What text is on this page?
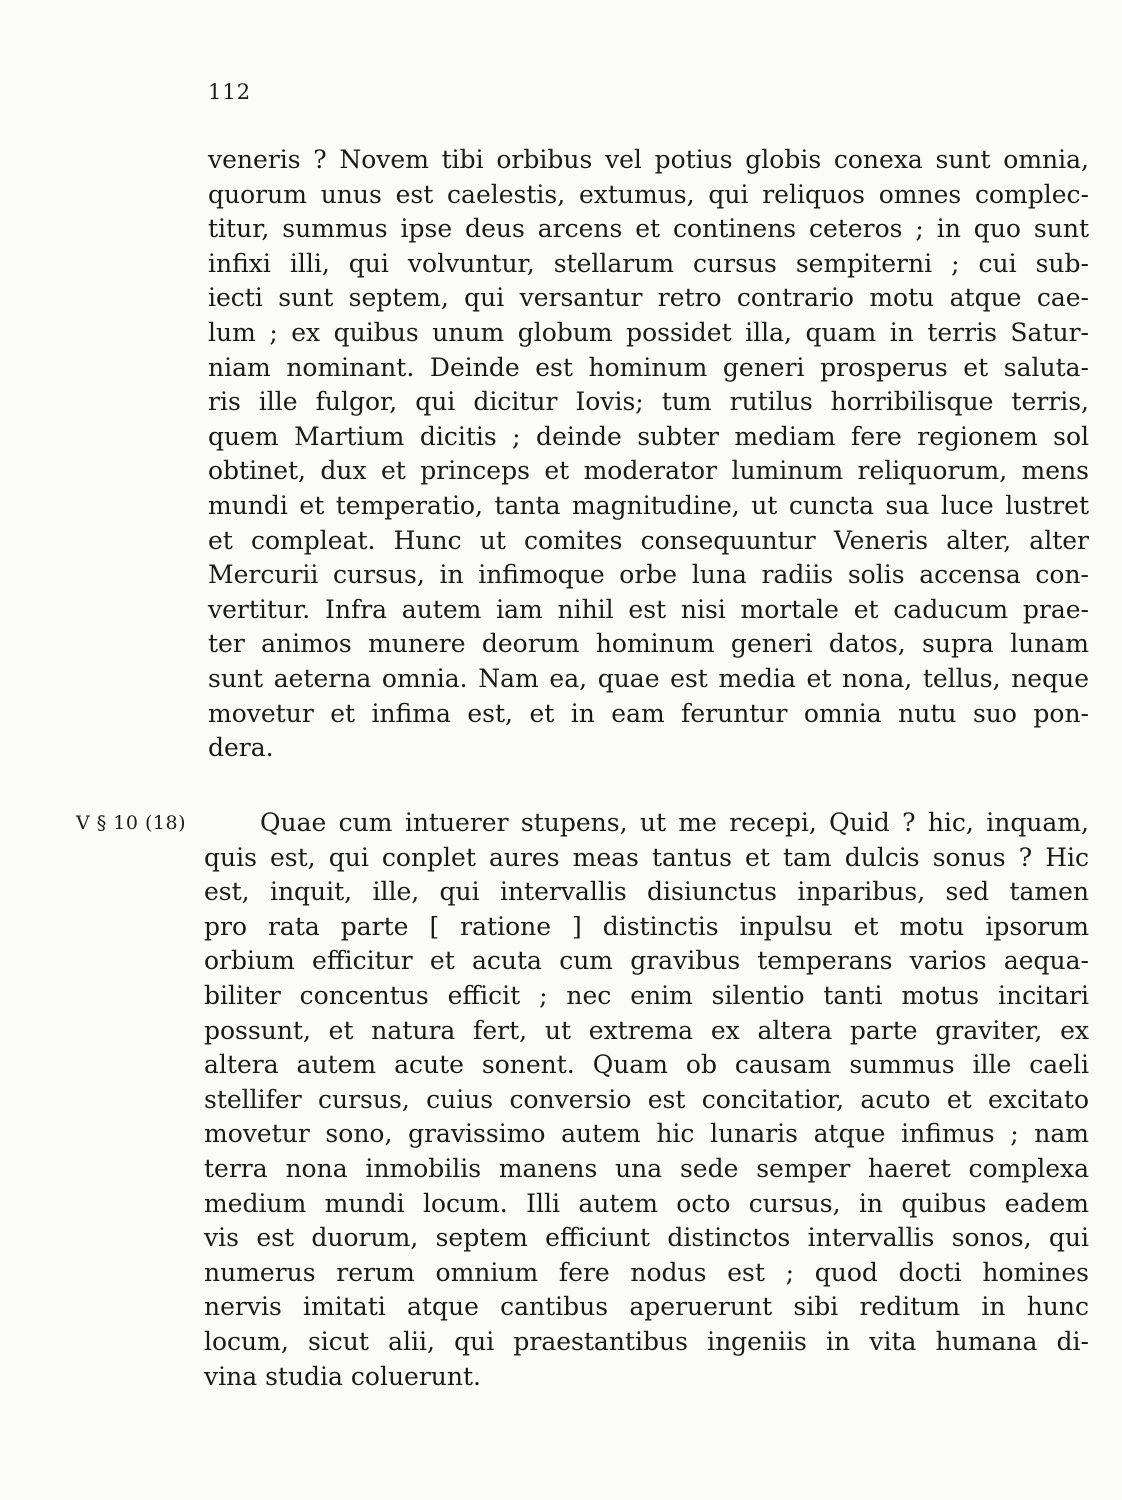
112
veneris ? Novem tibi orbibus vel potius globis conexa sunt omnia,
quorum unus est caelestis, extumus, qui reliquos omnes complec-
titur, summus ipse deus arcens et continens ceteros ; in quo sunt
infixi illi, qui volvuntur, stellarum cursus sempiterni ; cui sub-
iecti sunt septem, qui versantur retro contrario motu atque cae-
lum ; ex quibus unum globum possidet illa, quam in terris Satur-
niam nominant. Deinde est hominum generi prosperus et saluta-
ris ille fulgor, qui dicitur Iovis; tum rutilus horribilisque terris,
quem Martium dicitis ; deinde subter mediam fere regionem sol
obtinet, dux et princeps et moderator luminum reliquorum, mens
mundi et temperatio, tanta magnitudine, ut cuncta sua luce lustret
et compleat. Hunc ut comites consequuntur Veneris alter, alter
Mercurii cursus, in infimoque orbe luna radiis solis accensa con-
vertitur. Infra autem iam nihil est nisi mortale et caducum prae-
ter animos munere deorum hominum generi datos, supra lunam
sunt aeterna omnia. Nam ea, quae est media et nona, tellus, neque
movetur et infima est, et in eam feruntur omnia nutu suo pon-
dera.
V § 10 (18)	Quae cum intuerer stupens, ut me recepi, Quid ? hic, inquam,
quis est, qui conplet aures meas tantus et tam dulcis sonus ? Hic
est, inquit, ille, qui intervallis disiunctus inparibus, sed tamen
pro rata parte [ ratione ] distinctis inpulsu et motu ipsorum
orbium efficitur et acuta cum gravibus temperans varios aequa-
biliter concentus efficit ; nec enim silentio tanti motus incitari
possunt, et natura fert, ut extrema ex altera parte graviter, ex
altera autem acute sonent. Quam ob causam summus ille caeli
stellifer cursus, cuius conversio est concitatior, acuto et excitato
movetur sono, gravissimo autem hic lunaris atque infimus ; nam
terra nona inmobilis manens una sede semper haeret complexa
medium mundi locum. Illi autem octo cursus, in quibus eadem
vis est duorum, septem efficiunt distinctos intervallis sonos, qui
numerus rerum omnium fere nodus est ; quod docti homines
nervis imitati atque cantibus aperuerunt sibi reditum in hunc
locum, sicut alii, qui praestantibus ingeniis in vita humana di-
vina studia coluerunt.
